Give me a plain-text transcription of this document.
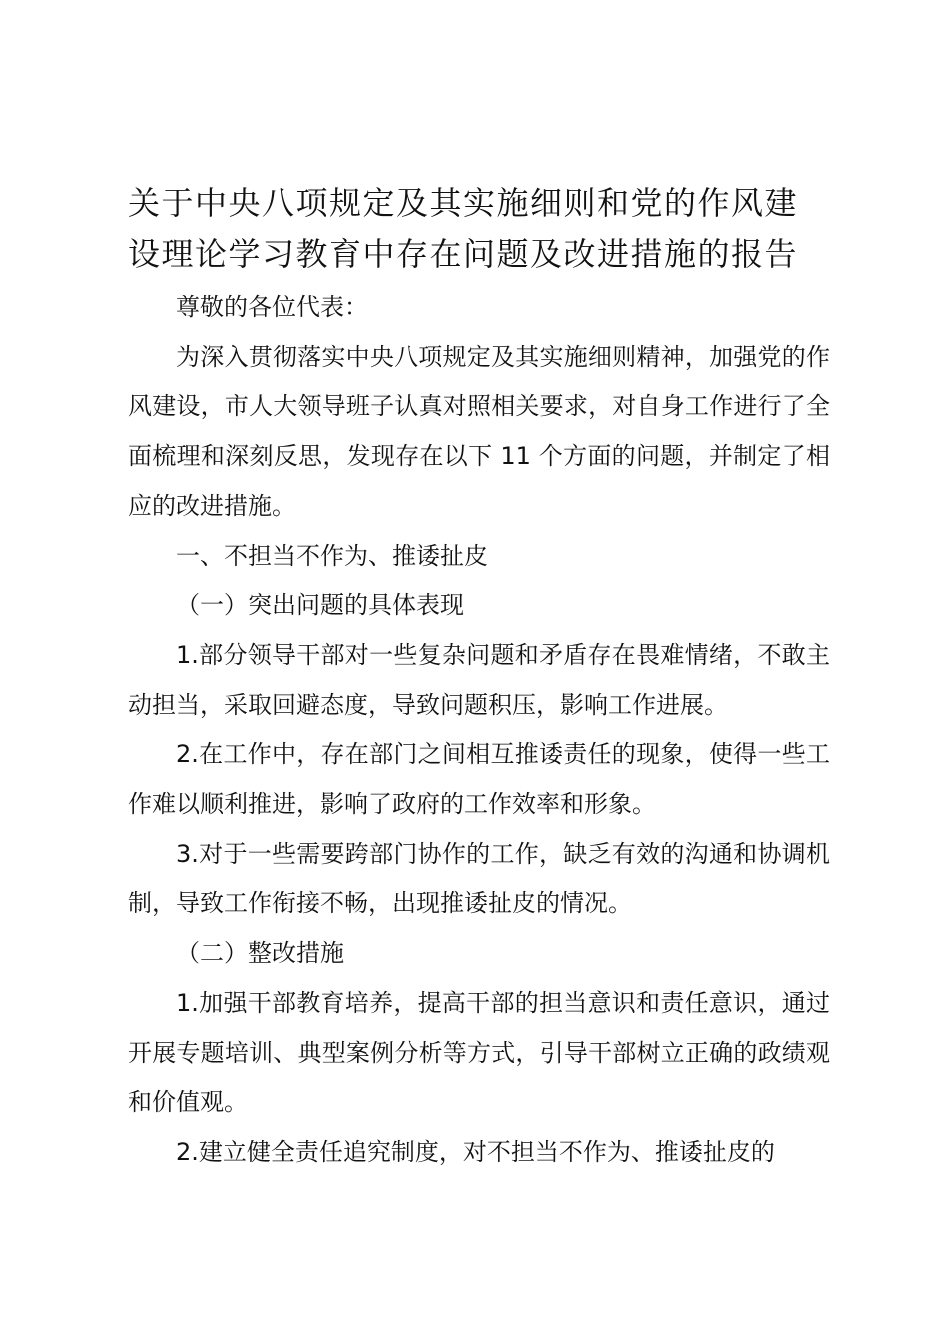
关于中央八项规定及其实施细则和党的作风建
设理论学习教育中存在问题及改进措施的报告

尊敬的各位代表：

为深入贯彻落实中央八项规定及其实施细则精神，加强党的作风建设，市人大领导班子认真对照相关要求，对自身工作进行了全面梳理和深刻反思，发现存在以下 11 个方面的问题，并制定了相应的改进措施。

一、不担当不作为、推诿扯皮

（一）突出问题的具体表现

1.部分领导干部对一些复杂问题和矛盾存在畏难情绪，不敢主动担当，采取回避态度，导致问题积压，影响工作进展。

2.在工作中，存在部门之间相互推诿责任的现象，使得一些工作难以顺利推进，影响了政府的工作效率和形象。

3.对于一些需要跨部门协作的工作，缺乏有效的沟通和协调机制，导致工作衔接不畅，出现推诿扯皮的情况。

（二）整改措施

1.加强干部教育培养，提高干部的担当意识和责任意识，通过开展专题培训、典型案例分析等方式，引导干部树立正确的政绩观和价值观。

2.建立健全责任追究制度，对不担当不作为、推诿扯皮的
